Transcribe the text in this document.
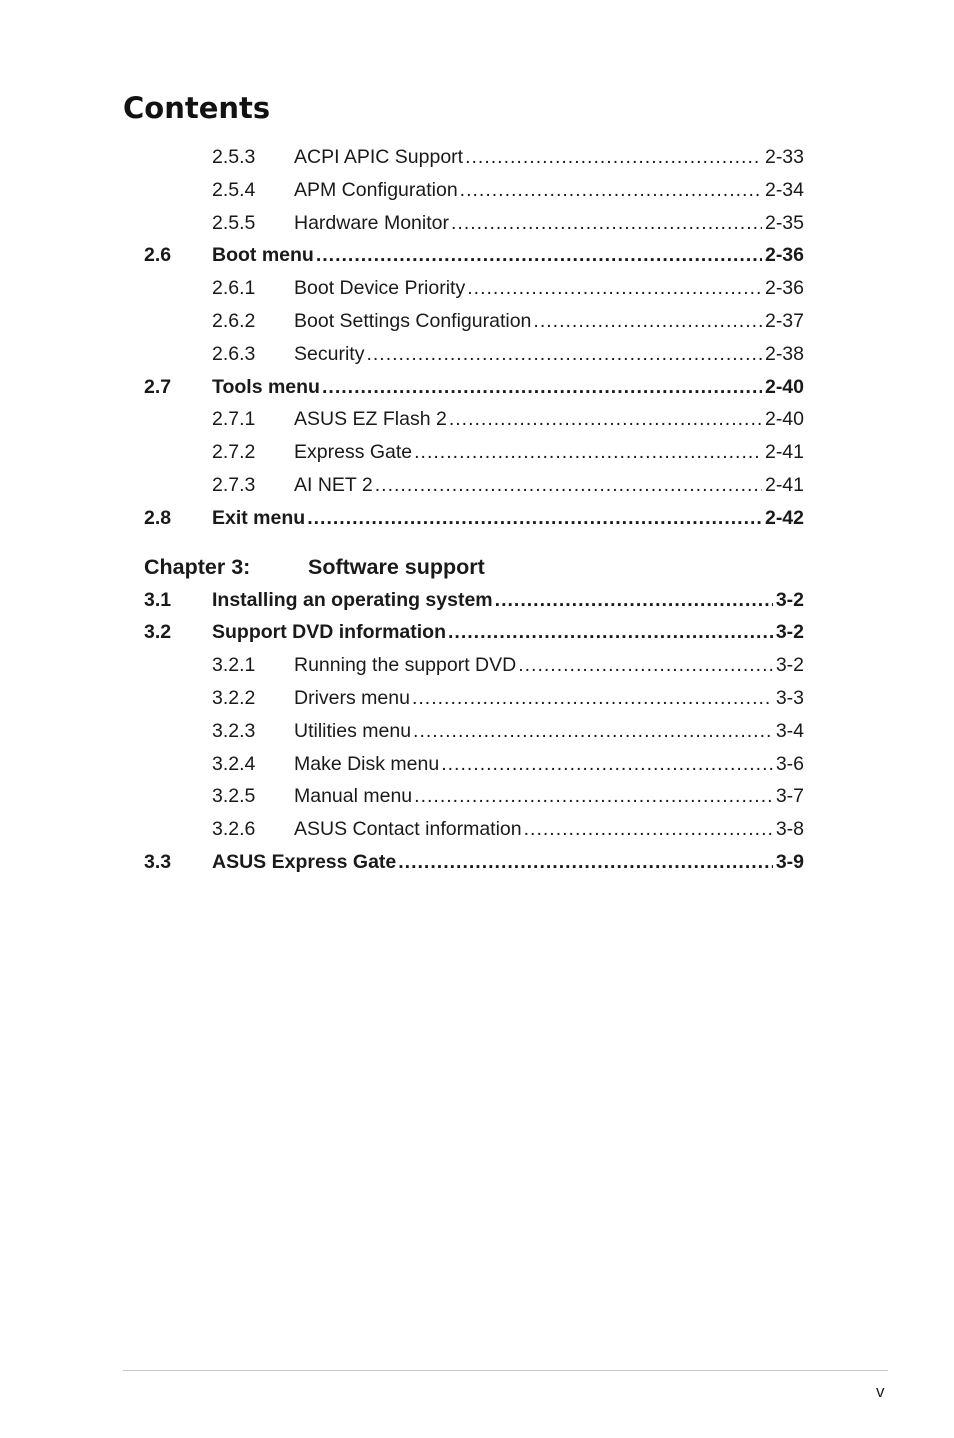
Contents
2.5.3	ACPI APIC Support .....	2-33
2.5.4	APM Configuration .....	2-34
2.5.5	Hardware Monitor .....	2-35
2.6	Boot menu .....	2-36
2.6.1	Boot Device Priority .....	2-36
2.6.2	Boot Settings Configuration .....	2-37
2.6.3	Security .....	2-38
2.7	Tools menu .....	2-40
2.7.1	ASUS EZ Flash 2 .....	2-40
2.7.2	Express Gate .....	2-41
2.7.3	AI NET 2 .....	2-41
2.8	Exit menu .....	2-42
Chapter 3:	Software support
3.1	Installing an operating system .....	3-2
3.2	Support DVD information .....	3-2
3.2.1	Running the support DVD .....	3-2
3.2.2	Drivers menu .....	3-3
3.2.3	Utilities menu .....	3-4
3.2.4	Make Disk menu .....	3-6
3.2.5	Manual menu .....	3-7
3.2.6	ASUS Contact information .....	3-8
3.3	ASUS Express Gate .....	3-9
v
